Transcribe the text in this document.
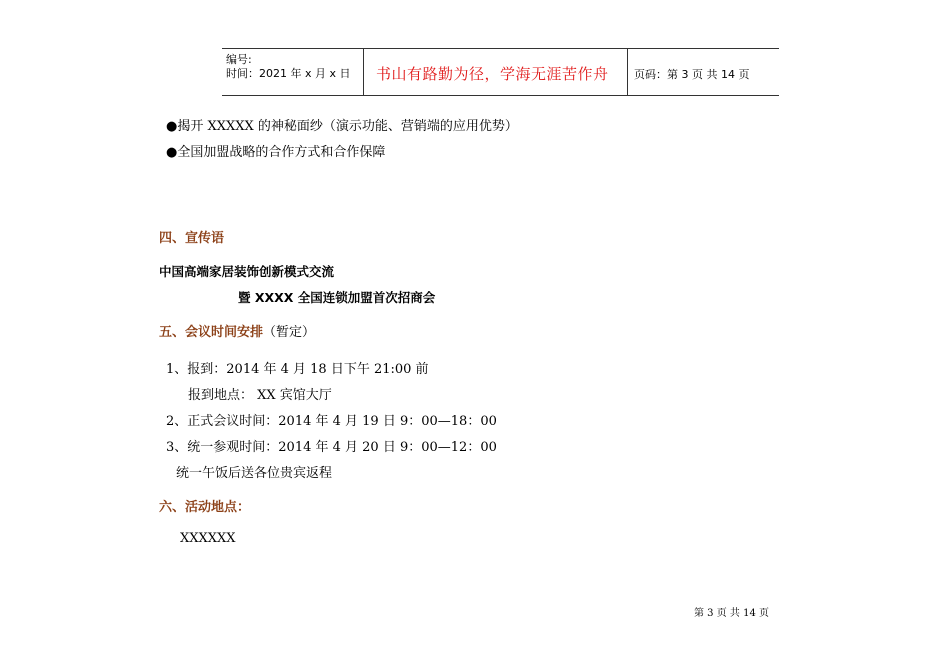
编号:
时间：2021 年 x 月 x 日 书山有路勤为径，学海无涯苦作舟 页码：第 3 页 共 14 页
●揭开 XXXXX 的神秘面纱（演示功能、营销端的应用优势）
●全国加盟战略的合作方式和合作保障
四、宣传语
中国高端家居装饰创新模式交流
暨 XXXX 全国连锁加盟首次招商会
五、会议时间安排（暂定）
1、报到：2014 年 4 月 18 日下午 21:00 前
报到地点： XX 宾馆大厅
2、正式会议时间：2014 年 4 月 19 日 9：00—18：00
3、统一参观时间：2014 年 4 月 20 日 9：00—12：00
统一午饭后送各位贵宾返程
六、活动地点：
XXXXXX
第 3 页 共 14 页
